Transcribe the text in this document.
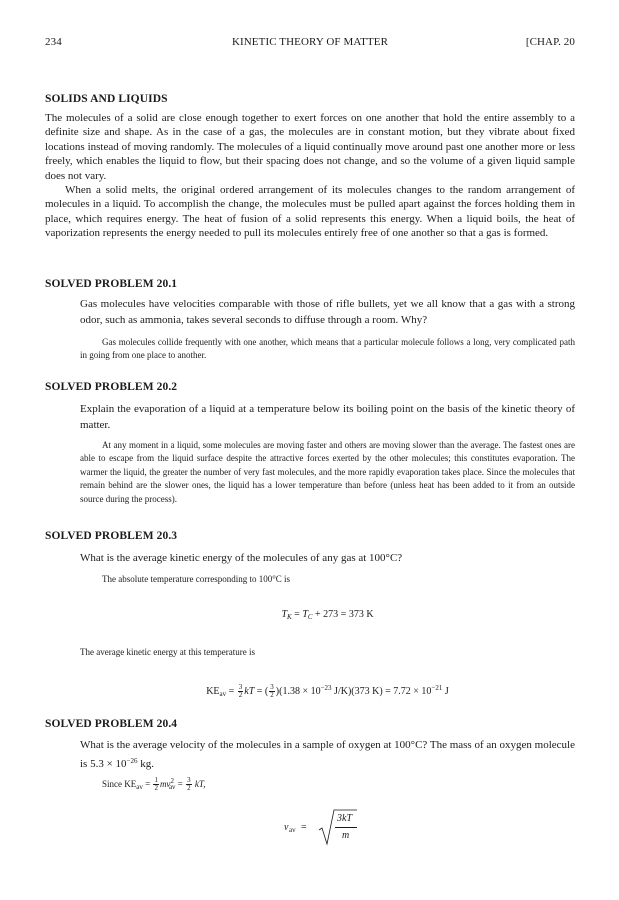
234	KINETIC THEORY OF MATTER	[CHAP. 20
SOLIDS AND LIQUIDS

The molecules of a solid are close enough together to exert forces on one another that hold the entire assembly to a definite size and shape. As in the case of a gas, the molecules are in constant motion, but they vibrate about fixed locations instead of moving randomly. The molecules of a liquid continually move around past one another more or less freely, which enables the liquid to flow, but their spacing does not change, and so the volume of a given liquid sample does not vary.

When a solid melts, the original ordered arrangement of its molecules changes to the random arrangement of molecules in a liquid. To accomplish the change, the molecules must be pulled apart against the forces holding them in place, which requires energy. The heat of fusion of a solid represents this energy. When a liquid boils, the heat of vaporization represents the energy needed to pull its molecules entirely free of one another so that a gas is formed.

SOLVED PROBLEM 20.1

Gas molecules have velocities comparable with those of rifle bullets, yet we all know that a gas with a strong odor, such as ammonia, takes several seconds to diffuse through a room. Why?

Gas molecules collide frequently with one another, which means that a particular molecule follows a long, very complicated path in going from one place to another.

SOLVED PROBLEM 20.2

Explain the evaporation of a liquid at a temperature below its boiling point on the basis of the kinetic theory of matter.

At any moment in a liquid, some molecules are moving faster and others are moving slower than the average. The fastest ones are able to escape from the liquid surface despite the attractive forces exerted by the other molecules; this constitutes evaporation. The warmer the liquid, the greater the number of very fast molecules, and the more rapidly evaporation takes place. Since the molecules that remain behind are the slower ones, the liquid has a lower temperature than before (unless heat has been added to it from an outside source during the process).

SOLVED PROBLEM 20.3

What is the average kinetic energy of the molecules of any gas at 100°C?

The absolute temperature corresponding to 100°C is

$T_K = T_C + 273 = 373$ K

The average kinetic energy at this temperature is

$KE_{av} = \frac{3}{2}$ kT = ( $\frac{3}{2} )(1.38 \times 10^{-23}$ J/K)(373 $K) = 7.72 \times 10^{-21}$ J
SOLVED PROBLEM 20.4

What is the average velocity of the molecules in a sample of oxygen at 100°C? The mass of an oxygen molecule is $5.3 \times 10^{-26}$ kg.

Since $KE_{av} = \frac{1}{2} mv^2_{av} = \frac{3}{2}$ kT,

v av =
3kT
m
